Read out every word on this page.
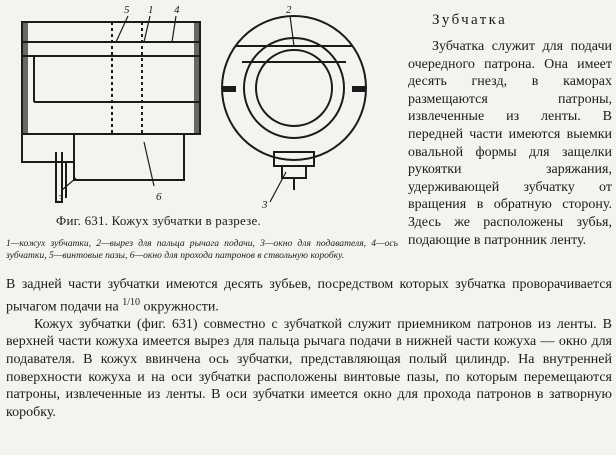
5 1 4	2
3	6
3
Фиг. 631. Кожух зубчатки в разрезе.
1—кожух зубчатки, 2—вырез для пальца рычага подачи, 3—окно для подавателя, 4—ось зубчатки, 5—винтовые пазы, 6—окно для прохода патронов в ствольную коробку.
Зубчатка

Зубчатка служит для подачи очередного патрона. Она имеет десять гнезд, в каморах размещаются патроны, извлеченные из ленты. В передней части имеются выемки овальной формы для защелки рукоятки заряжания, удерживающей зубчатку от вращения в обратную сторону. Здесь же расположены зубья, подающие в патронник ленту.

В задней части зубчатки имеются десять зубьев, посредством которых зубчатка проворачивается рычагом подачи на $^{1/10}$ окружности.

Кожух зубчатки (фиг. 631) совместно с зубчаткой служит приемником патронов из ленты. В верхней части кожуха имеется вырез для пальца рычага подачи в нижней части кожуха — окно для подавателя. В кожух ввинчена ось зубчатки, представляющая полый цилиндр. На внутренней поверхности кожуха и на оси зубчатки расположены винтовые пазы, по которым перемещаются патроны, извлеченные из ленты. В оси зубчатки имеется окно для прохода патронов в затворную коробку.
